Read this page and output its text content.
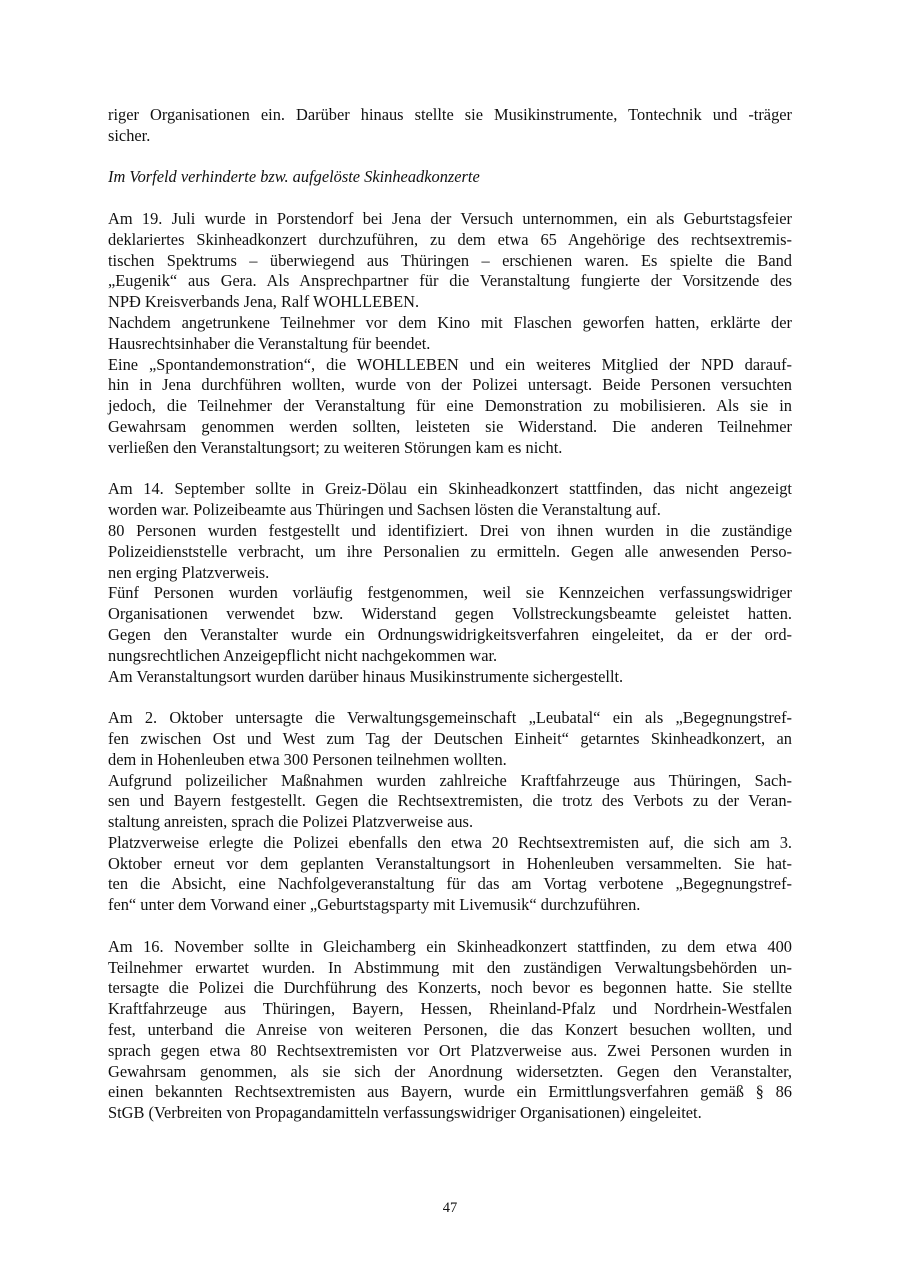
riger Organisationen ein. Darüber hinaus stellte sie Musikinstrumente, Tontechnik und -träger
sicher.
Im Vorfeld verhinderte bzw. aufgelöste Skinheadkonzerte
Am 19. Juli wurde in Porstendorf bei Jena der Versuch unternommen, ein als Geburtstagsfeier
deklariertes Skinheadkonzert durchzuführen, zu dem etwa 65 Angehörige des rechtsextremis-
tischen Spektrums – überwiegend aus Thüringen – erschienen waren. Es spielte die Band
„Eugenik“ aus Gera. Als Ansprechpartner für die Veranstaltung fungierte der Vorsitzende des
NPÐ Kreisverbands Jena, Ralf WOHLLEBEN.
Nachdem angetrunkene Teilnehmer vor dem Kino mit Flaschen geworfen hatten, erklärte der
Hausrechtsinhaber die Veranstaltung für beendet.
Eine „Spontandemonstration“, die WOHLLEBEN und ein weiteres Mitglied der NPD darauf-
hin in Jena durchführen wollten, wurde von der Polizei untersagt. Beide Personen versuchten
jedoch, die Teilnehmer der Veranstaltung für eine Demonstration zu mobilisieren. Als sie in
Gewahrsam genommen werden sollten, leisteten sie Widerstand. Die anderen Teilnehmer
verließen den Veranstaltungsort; zu weiteren Störungen kam es nicht.
Am 14. September sollte in Greiz-Dölau ein Skinheadkonzert stattfinden, das nicht angezeigt
worden war. Polizeibeamte aus Thüringen und Sachsen lösten die Veranstaltung auf.
80 Personen wurden festgestellt und identifiziert. Drei von ihnen wurden in die zuständige
Polizeidienststelle verbracht, um ihre Personalien zu ermitteln. Gegen alle anwesenden Perso-
nen erging Platzverweis.
Fünf Personen wurden vorläufig festgenommen, weil sie Kennzeichen verfassungswidriger
Organisationen verwendet bzw. Widerstand gegen Vollstreckungsbeamte geleistet hatten.
Gegen den Veranstalter wurde ein Ordnungswidrigkeitsverfahren eingeleitet, da er der ord-
nungsrechtlichen Anzeigepflicht nicht nachgekommen war.
Am Veranstaltungsort wurden darüber hinaus Musikinstrumente sichergestellt.
Am 2. Oktober untersagte die Verwaltungsgemeinschaft „Leubatal“ ein als „Begegnungstref-
fen zwischen Ost und West zum Tag der Deutschen Einheit“ getarntes Skinheadkonzert, an
dem in Hohenleuben etwa 300 Personen teilnehmen wollten.
Aufgrund polizeilicher Maßnahmen wurden zahlreiche Kraftfahrzeuge aus Thüringen, Sach-
sen und Bayern festgestellt. Gegen die Rechtsextremisten, die trotz des Verbots zu der Veran-
staltung anreisten, sprach die Polizei Platzverweise aus.
Platzverweise erlegte die Polizei ebenfalls den etwa 20 Rechtsextremisten auf, die sich am 3.
Oktober erneut vor dem geplanten Veranstaltungsort in Hohenleuben versammelten. Sie hat-
ten die Absicht, eine Nachfolgeveranstaltung für das am Vortag verbotene „Begegnungstref-
fen“ unter dem Vorwand einer „Geburtstagsparty mit Livemusik“ durchzuführen.
Am 16. November sollte in Gleichamberg ein Skinheadkonzert stattfinden, zu dem etwa 400
Teilnehmer erwartet wurden. In Abstimmung mit den zuständigen Verwaltungsbehörden un-
tersagte die Polizei die Durchführung des Konzerts, noch bevor es begonnen hatte. Sie stellte
Kraftfahrzeuge aus Thüringen, Bayern, Hessen, Rheinland-Pfalz und Nordrhein-Westfalen
fest, unterband die Anreise von weiteren Personen, die das Konzert besuchen wollten, und
sprach gegen etwa 80 Rechtsextremisten vor Ort Platzverweise aus. Zwei Personen wurden in
Gewahrsam genommen, als sie sich der Anordnung widersetzten. Gegen den Veranstalter,
einen bekannten Rechtsextremisten aus Bayern, wurde ein Ermittlungsverfahren gemäß § 86
StGB (Verbreiten von Propagandamitteln verfassungswidriger Organisationen) eingeleitet.
47
